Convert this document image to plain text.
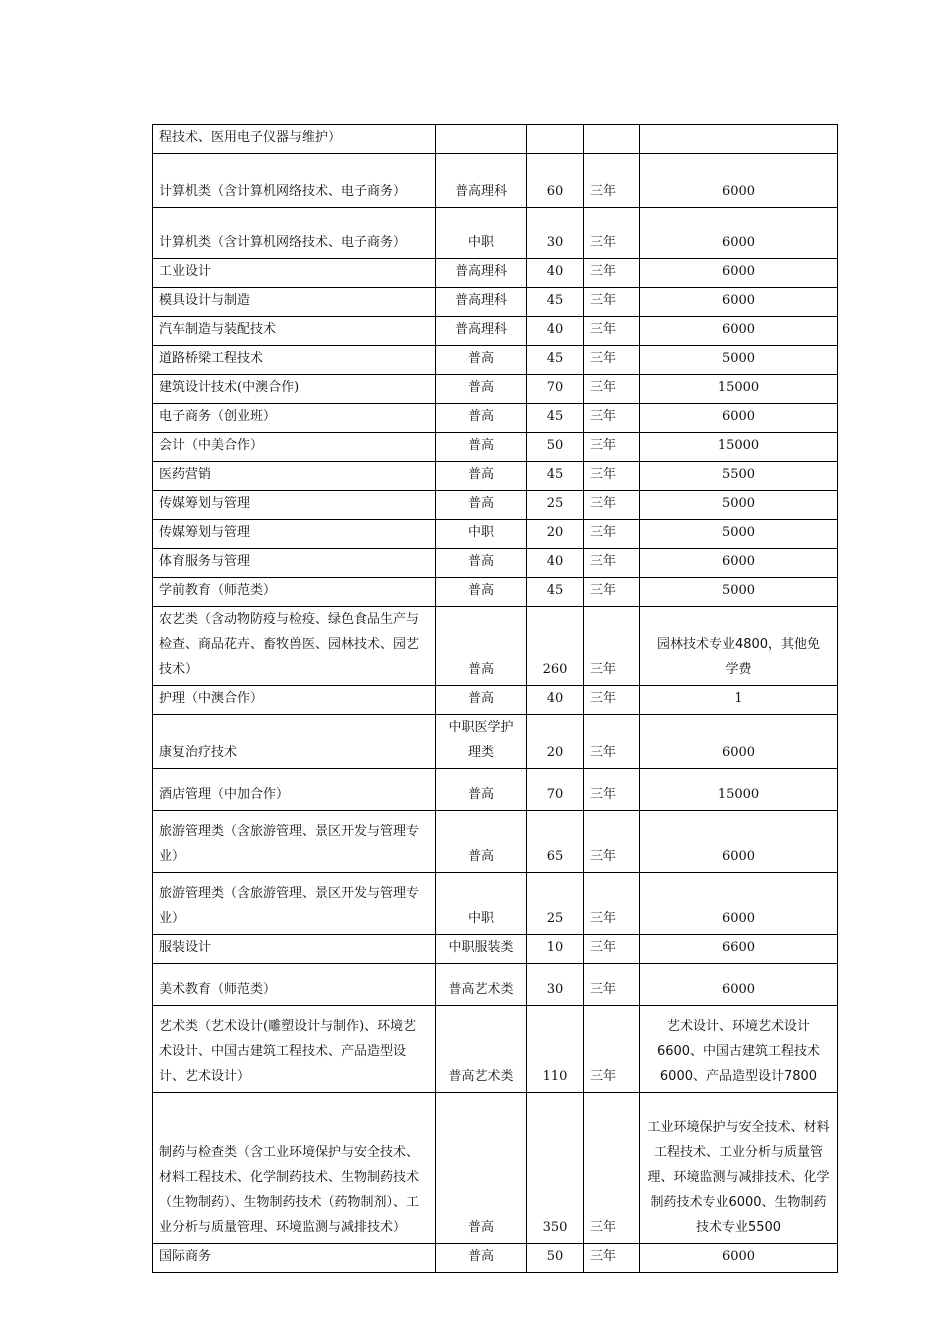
程技术、医用电子仪器与维护）				
计算机类（含计算机网络技术、电子商务）	普高理科	60	三年	6000
计算机类（含计算机网络技术、电子商务）	中职	30	三年	6000
工业设计	普高理科	40	三年	6000
模具设计与制造	普高理科	45	三年	6000
汽车制造与装配技术	普高理科	40	三年	6000
道路桥梁工程技术	普高	45	三年	5000
建筑设计技术(中澳合作)	普高	70	三年	15000
电子商务（创业班）	普高	45	三年	6000
会计（中美合作）	普高	50	三年	15000
医药营销	普高	45	三年	5500
传媒筹划与管理	普高	25	三年	5000
传媒筹划与管理	中职	20	三年	5000
体育服务与管理	普高	40	三年	6000
学前教育（师范类）	普高	45	三年	5000
农艺类（含动物防疫与检疫、绿色食品生产与检查、商品花卉、畜牧兽医、园林技术、园艺技术）	普高	260	三年	园林技术专业4800，其他免学费
护理（中澳合作）	普高	40	三年	1
康复治疗技术	中职医学护理类	20	三年	6000
酒店管理（中加合作）	普高	70	三年	15000
旅游管理类（含旅游管理、景区开发与管理专业）	普高	65	三年	6000
旅游管理类（含旅游管理、景区开发与管理专业）	中职	25	三年	6000
服装设计	中职服装类	10	三年	6600
美术教育（师范类）	普高艺术类	30	三年	6000
艺术类（艺术设计(雕塑设计与制作)、环境艺术设计、中国古建筑工程技术、产品造型设计、艺术设计）	普高艺术类	110	三年	艺术设计、环境艺术设计6600、中国古建筑工程技术6000、产品造型设计7800
制药与检查类（含工业环境保护与安全技术、材料工程技术、化学制药技术、生物制药技术（生物制药）、生物制药技术（药物制剂）、工业分析与质量管理、环境监测与减排技术）	普高	350	三年	工业环境保护与安全技术、材料工程技术、工业分析与质量管理、环境监测与减排技术、化学制药技术专业6000、生物制药技术专业5500
国际商务	普高	50	三年	6000
